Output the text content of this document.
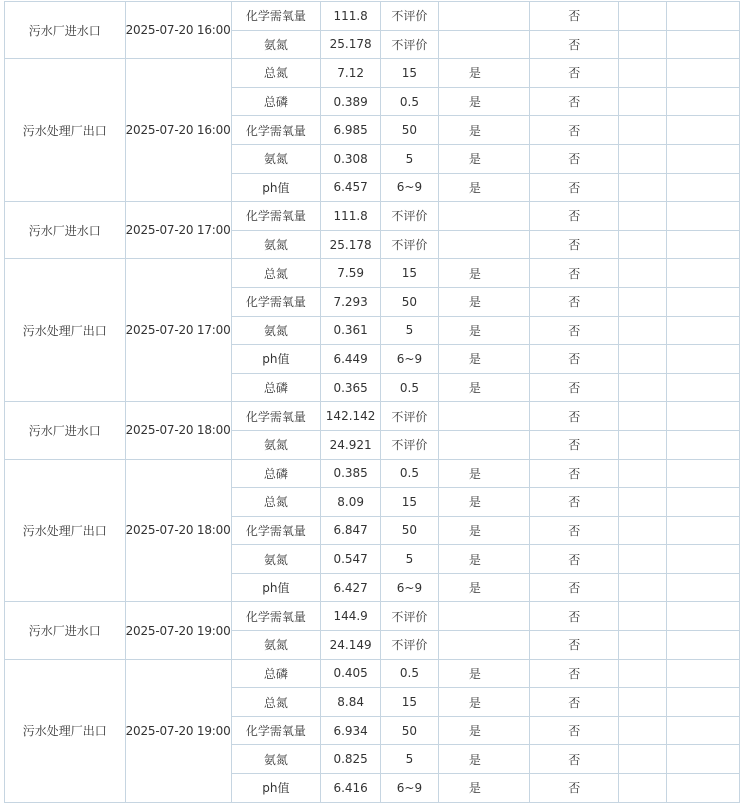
污水厂进水口	2025-07-20 16:00	化学需氧量	111.8	不评价		否		
		氨氮	25.178	不评价		否		
污水处理厂出口	2025-07-20 16:00	总氮	7.12	15	是	否		
		总磷	0.389	0.5	是	否		
		化学需氧量	6.985	50	是	否		
		氨氮	0.308	5	是	否		
		ph值	6.457	6~9	是	否		
污水厂进水口	2025-07-20 17:00	化学需氧量	111.8	不评价		否		
		氨氮	25.178	不评价		否		
污水处理厂出口	2025-07-20 17:00	总氮	7.59	15	是	否		
		化学需氧量	7.293	50	是	否		
		氨氮	0.361	5	是	否		
		ph值	6.449	6~9	是	否		
		总磷	0.365	0.5	是	否		
污水厂进水口	2025-07-20 18:00	化学需氧量	142.142	不评价		否		
		氨氮	24.921	不评价		否		
污水处理厂出口	2025-07-20 18:00	总磷	0.385	0.5	是	否		
		总氮	8.09	15	是	否		
		化学需氧量	6.847	50	是	否		
		氨氮	0.547	5	是	否		
		ph值	6.427	6~9	是	否		
污水厂进水口	2025-07-20 19:00	化学需氧量	144.9	不评价		否		
		氨氮	24.149	不评价		否		
污水处理厂出口	2025-07-20 19:00	总磷	0.405	0.5	是	否		
		总氮	8.84	15	是	否		
		化学需氧量	6.934	50	是	否		
		氨氮	0.825	5	是	否		
		ph值	6.416	6~9	是	否		
